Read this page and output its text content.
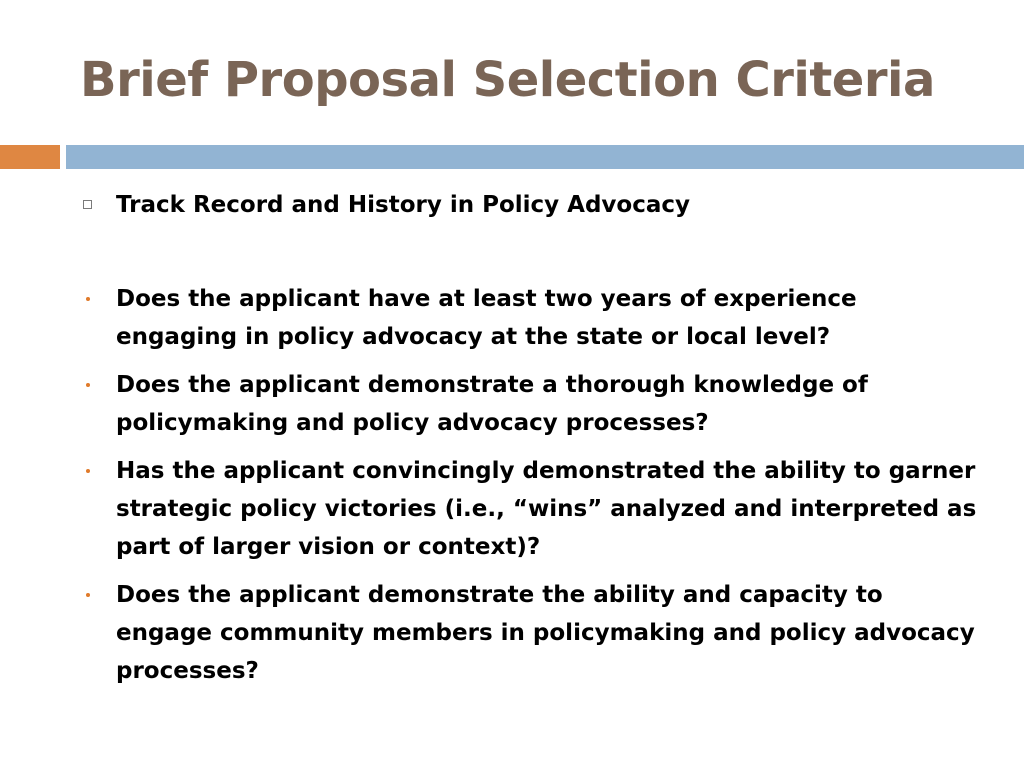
Brief Proposal Selection Criteria
Track Record and History in Policy Advocacy
Does the applicant have at least two years of experience engaging in policy advocacy at the state or local level?
Does the applicant demonstrate a thorough knowledge of policymaking and policy advocacy processes?
Has the applicant convincingly demonstrated the ability to garner strategic policy victories (i.e., “wins” analyzed and interpreted as part of larger vision or context)?
Does the applicant demonstrate the ability and capacity to engage community members in policymaking and policy advocacy processes?
